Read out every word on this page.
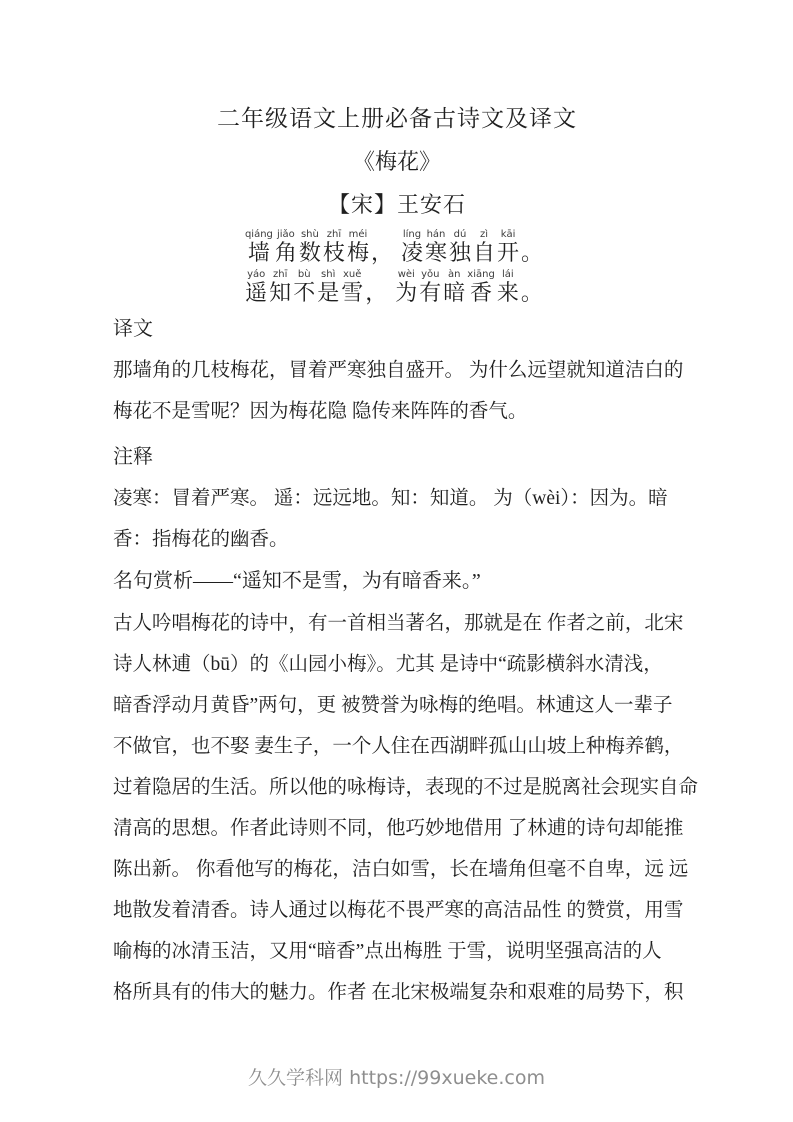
二年级语文上册必备古诗文及译文
《梅花》
【宋】王安石
墙qiáng角jiǎo数shù枝zhī梅méi， 凌líng寒hán独dú自zì开kāi。
遥yáo知zhī不bù是shì雪xuě， 为wèi有yǒu暗àn香xiāng来lái。
译文
那墙角的几枝梅花，冒着严寒独自盛开。 为什么远望就知道洁白的
梅花不是雪呢？因为梅花隐 隐传来阵阵的香气。
注释
凌寒：冒着严寒。 遥：远远地。知：知道。 为（wèi）：因为。暗
香：指梅花的幽香。
名句赏析——“遥知不是雪，为有暗香来。”
古人吟唱梅花的诗中，有一首相当著名，那就是在 作者之前，北宋
诗人林逋（bū）的《山园小梅》。尤其 是诗中“疏影横斜水清浅，
暗香浮动月黄昏”两句，更 被赞誉为咏梅的绝唱。林逋这人一辈子
不做官，也不娶 妻生子，一个人住在西湖畔孤山山坡上种梅养鹤，
过着隐居的生活。所以他的咏梅诗，表现的不过是脱离社会现实自命
清高的思想。作者此诗则不同，他巧妙地借用 了林逋的诗句却能推
陈出新。 你看他写的梅花，洁白如雪，长在墙角但毫不自卑，远 远
地散发着清香。诗人通过以梅花不畏严寒的高洁品性 的赞赏，用雪
喻梅的冰清玉洁，又用“暗香”点出梅胜 于雪，说明坚强高洁的人
格所具有的伟大的魅力。作者 在北宋极端复杂和艰难的局势下，积
久久学科网 https://99xueke.com
